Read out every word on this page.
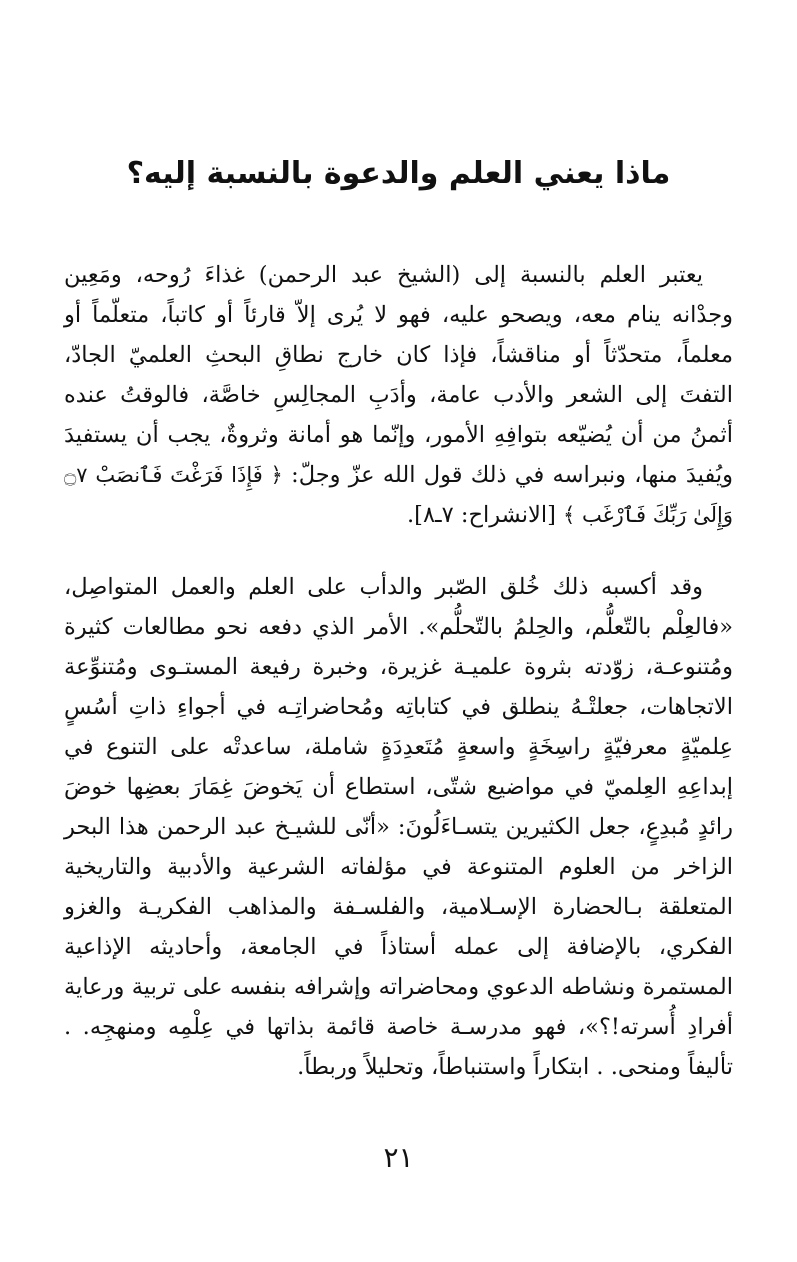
ماذا يعني العلم والدعوة بالنسبة إليه؟

يعتبر العلم بالنسبة إلى (الشيخ عبد الرحمن) غذاءَ رُوحه، ومَعِين وجدْانه ينام معه، ويصحو عليه، فهو لا يُرى إلاّ قارئاً أو كاتباً، متعلّماً أو معلماً، متحدّثاً أو مناقشاً، فإذا كان خارج نطاقِ البحثِ العلميّ الجادّ، التفتَ إلى الشعر والأدب عامة، وأدَبِ المجالِسِ خاصَّة، فالوقتُ عنده أثمنُ من أن يُضيّعه بتوافِهِ الأمور، وإنّما هو أمانة وثروةٌ، يجب أن يستفيدَ ويُفيدَ منها، ونبراسه في ذلك قول الله عزّ وجلّ: ﴿ فَإِذَا فَرَغْتَ فَٱنصَبْ ۝٧ وَإِلَىٰ رَبِّكَ فَٱرْغَب ﴾ [الانشراح: ٧ـ٨].

وقد أكسبه ذلك خُلق الصّبر والدأب على العلم والعمل المتواصِل، «فالعِلْم بالتّعلُّم، والحِلمُ بالتّحلُّم». الأمر الذي دفعه نحو مطالعات كثيرة ومُتنوعـة، زوّدته بثروة علميـة غزيرة، وخبرة رفيعة المستـوى ومُتنوِّعة الاتجاهات، جعلتْـهُ ينطلق في كتاباتِه ومُحاضراتِـه في أجواءِ ذاتِ أسُسٍ عِلميّةٍ معرفيّةٍ راسِخَةٍ واسعةٍ مُتَعدِدَةٍ شاملة، ساعدتْه على التنوع في إبداعِهِ العِلميّ في مواضيع شتّى، استطاع أن يَخوضَ غِمَارَ بعضِها خوضَ رائدٍ مُبدِعٍ، جعل الكثيرين يتسـاءَلُونَ: «أنّى للشيـخ عبد الرحمن هذا البحر الزاخر من العلوم المتنوعة في مؤلفاته الشرعية والأدبية والتاريخية المتعلقة بـالحضارة الإسـلامية، والفلسـفة والمذاهب الفكريـة والغزو الفكري، بالإضافة إلى عمله أستاذاً في الجامعة، وأحاديثه الإذاعية المستمرة ونشاطه الدعوي ومحاضراته وإشرافه بنفسه على تربية ورعاية أفرادِ أُسرته!؟»، فهو مدرسـة خاصة قائمة بذاتها في عِلْمِه ومنهجِه. . تأليفاً ومنحى. . ابتكاراً واستنباطاً، وتحليلاً وربطاً.

٢١
